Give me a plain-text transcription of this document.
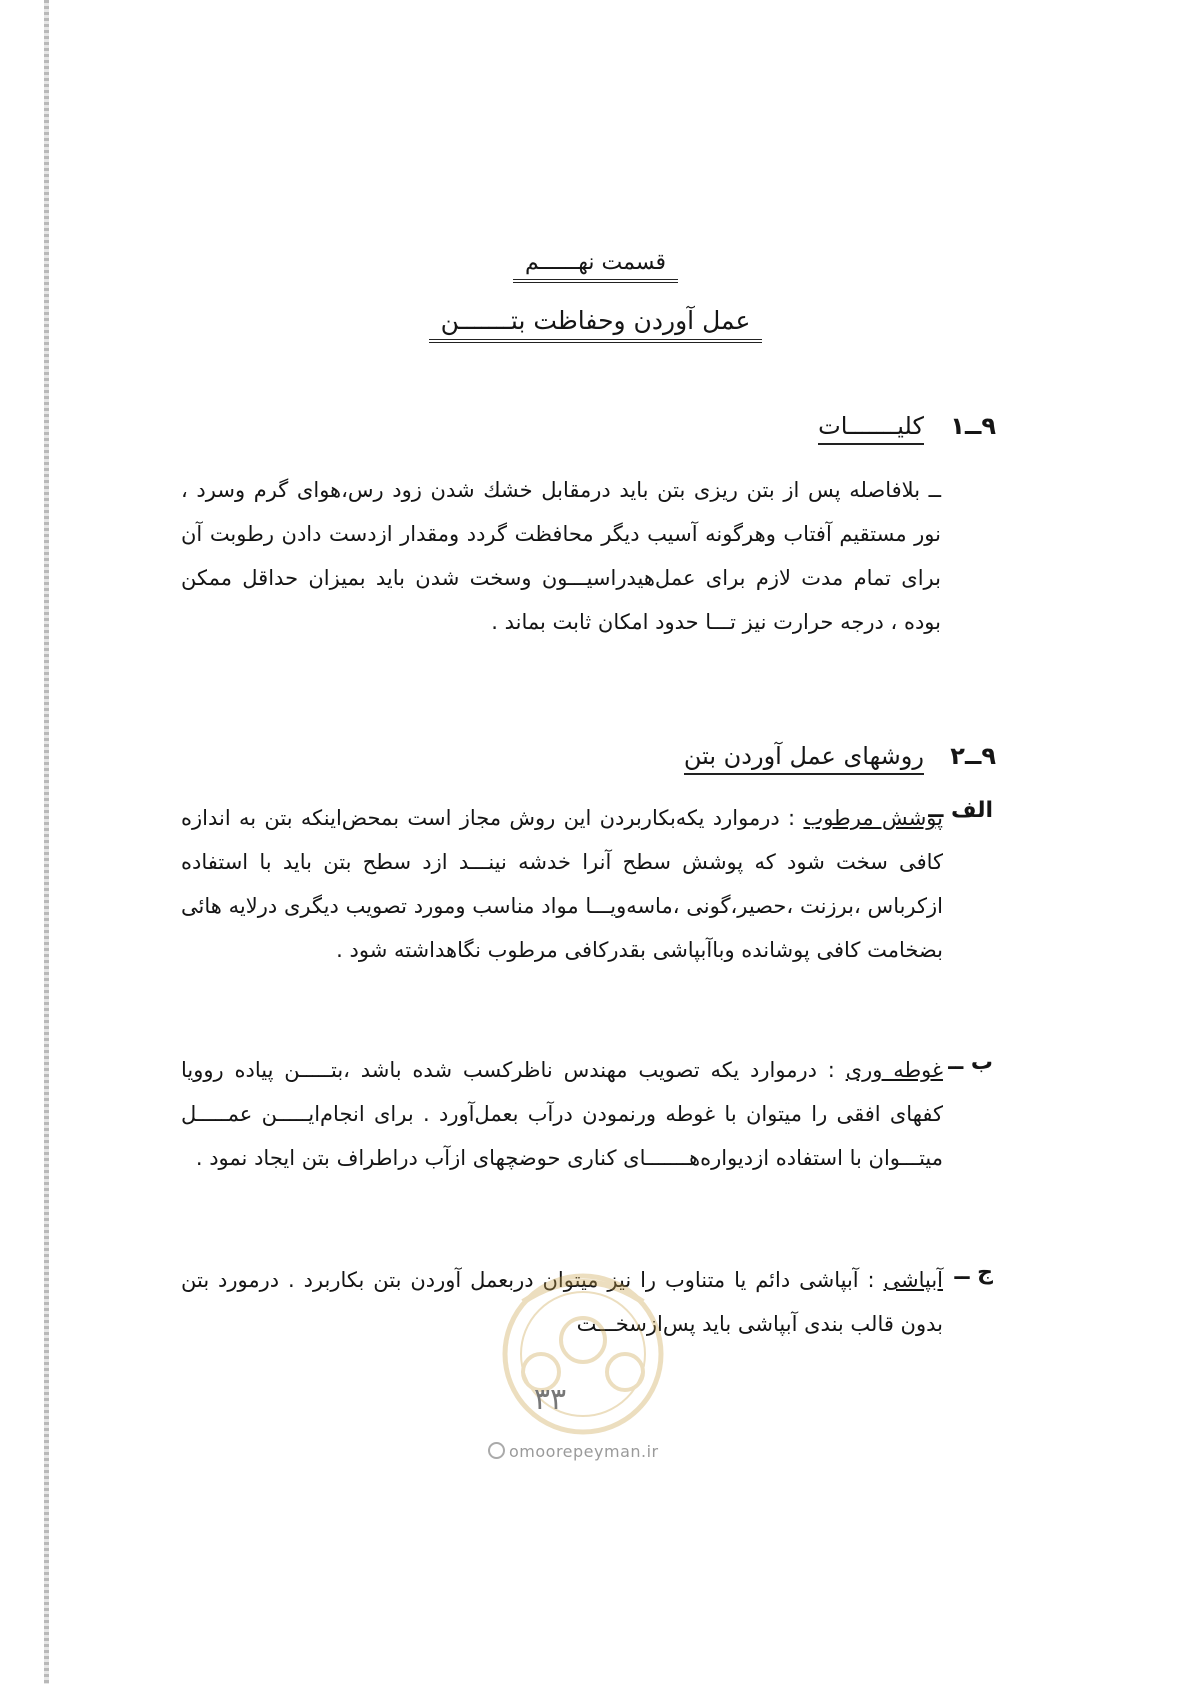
قسمت نهــــــم
عمل آوردن وحفاظت بتـــــــن
۹ــ۱ کلیـــــــات
ــ بلافاصله پس از بتن ریزی بتن باید درمقابل خشك شدن زود رس،هوای گرم وسرد ، نور مستقیم آفتاب وهرگونه آسیب دیگر محافظت گردد ومقدار ازدست دادن رطوبت آن برای تمام مدت لازم برای عمل‌هیدراسیـــون وسخت شدن باید بمیزان حداقل ممکن بوده ، درجه حرارت نیز تـــا حدود امکان ثابت بماند .
۹ــ۲ روشهای عمل آوردن بتن
الف ــ
پوشش مرطوب : درموارد یکه‌بکاربردن این روش مجاز است بمحض‌اینکه بتن به اندازه کافی سخت شود که پوشش سطح آنرا خدشه نینـــد ازد سطح بتن باید با استفاده ازکرباس ،برزنت ،حصیر،گونی ،ماسه‌ویـــا مواد مناسب ومورد تصویب دیگری درلایه هائی بضخامت کافی پوشانده وباآبپاشی بقدرکافی مرطوب نگاهداشته شود .
ب ــ
غوطه وری : درموارد یکه تصویب مهندس ناظرکسب شده باشد ،بتـــــن پیاده روویا کفهای افقی را میتوان با غوطه ورنمودن درآب بعمل‌آورد . برای انجام‌ایـــــن عمـــــل میتـــوان با استفاده ازدیواره‌هـــــــای کناری حوضچهای ازآب دراطراف بتن ایجاد نمود .
ج ــ
آبپاشی : آبپاشی دائم یا متناوب را نیز میتوان دربعمل آوردن بتن بکاربرد . درمورد بتن بدون قالب بندی آبپاشی باید پس‌ازسخـــت
۳۳
omoorepeyman.ir
